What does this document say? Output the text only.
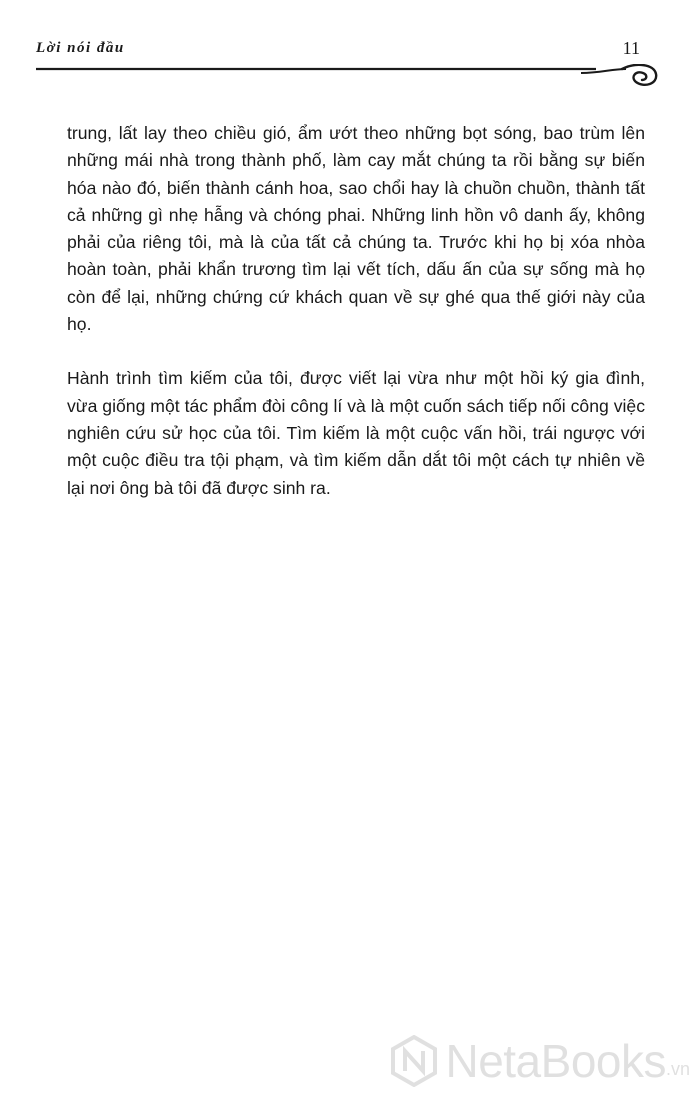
Lời nói đầu	11

trung, lất lay theo chiều gió, ẩm ướt theo những bọt sóng, bao trùm lên những mái nhà trong thành phố, làm cay mắt chúng ta rồi bằng sự biến hóa nào đó, biến thành cánh hoa, sao chổi hay là chuồn chuồn, thành tất cả những gì nhẹ hẫng và chóng phai. Những linh hồn vô danh ấy, không phải của riêng tôi, mà là của tất cả chúng ta. Trước khi họ bị xóa nhòa hoàn toàn, phải khẩn trương tìm lại vết tích, dấu ấn của sự sống mà họ còn để lại, những chứng cứ khách quan về sự ghé qua thế giới này của họ.

Hành trình tìm kiếm của tôi, được viết lại vừa như một hồi ký gia đình, vừa giống một tác phẩm đòi công lí và là một cuốn sách tiếp nối công việc nghiên cứu sử học của tôi. Tìm kiếm là một cuộc vấn hồi, trái ngược với một cuộc điều tra tội phạm, và tìm kiếm dẫn dắt tôi một cách tự nhiên về lại nơi ông bà tôi đã được sinh ra.

NetaBooks .vn
